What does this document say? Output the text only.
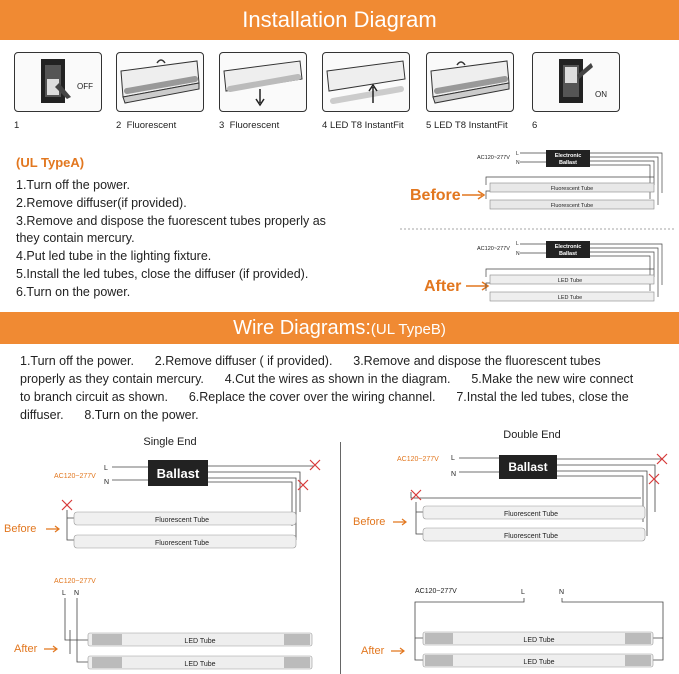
Installation Diagram
OFF
1	2 Fluorescent	3 Fluorescent	4 LED T8 InstantFit	5 LED T8 InstantFit
ON
6
(UL TypeA)
1.Turn off the power.
2.Remove diffuser(if provided).
3.Remove and dispose the fuorescent tubes properly as
they contain mercury.
4.Put led tube in the lighting fixture.
5.Install the led tubes, close the diffuser (if provided).
6.Turn on the power.
Before
AC120~277V
L
N
Electronic
Ballast
Fluorescent Tube
Fluorescent Tube
After
AC120~277V
L
N
Electronic
Ballast
LED Tube
LED Tube
Wire Diagrams:(UL TypeB)
1.Turn off the power.      2.Remove diffuser ( if provided).      3.Remove and dispose the fluorescent tubes
properly as they contain mercury.      4.Cut the wires as shown in the diagram.      5.Make the new wire connect
to branch circuit as shown.      6.Replace the cover over the wiring channel.      7.Instal the led tubes, close the
diffuser.      8.Turn on the power.
Single End
AC120~277V
L
N
Ballast
Before
Fluorescent Tube
Fluorescent Tube
AC120~277V
L N
After
LED Tube
LED Tube
Double End
AC120~277V L
N
Ballast
Before
Fluorescent Tube
Fluorescent Tube
AC120~277V	L	N
After
LED Tube
LED Tube
